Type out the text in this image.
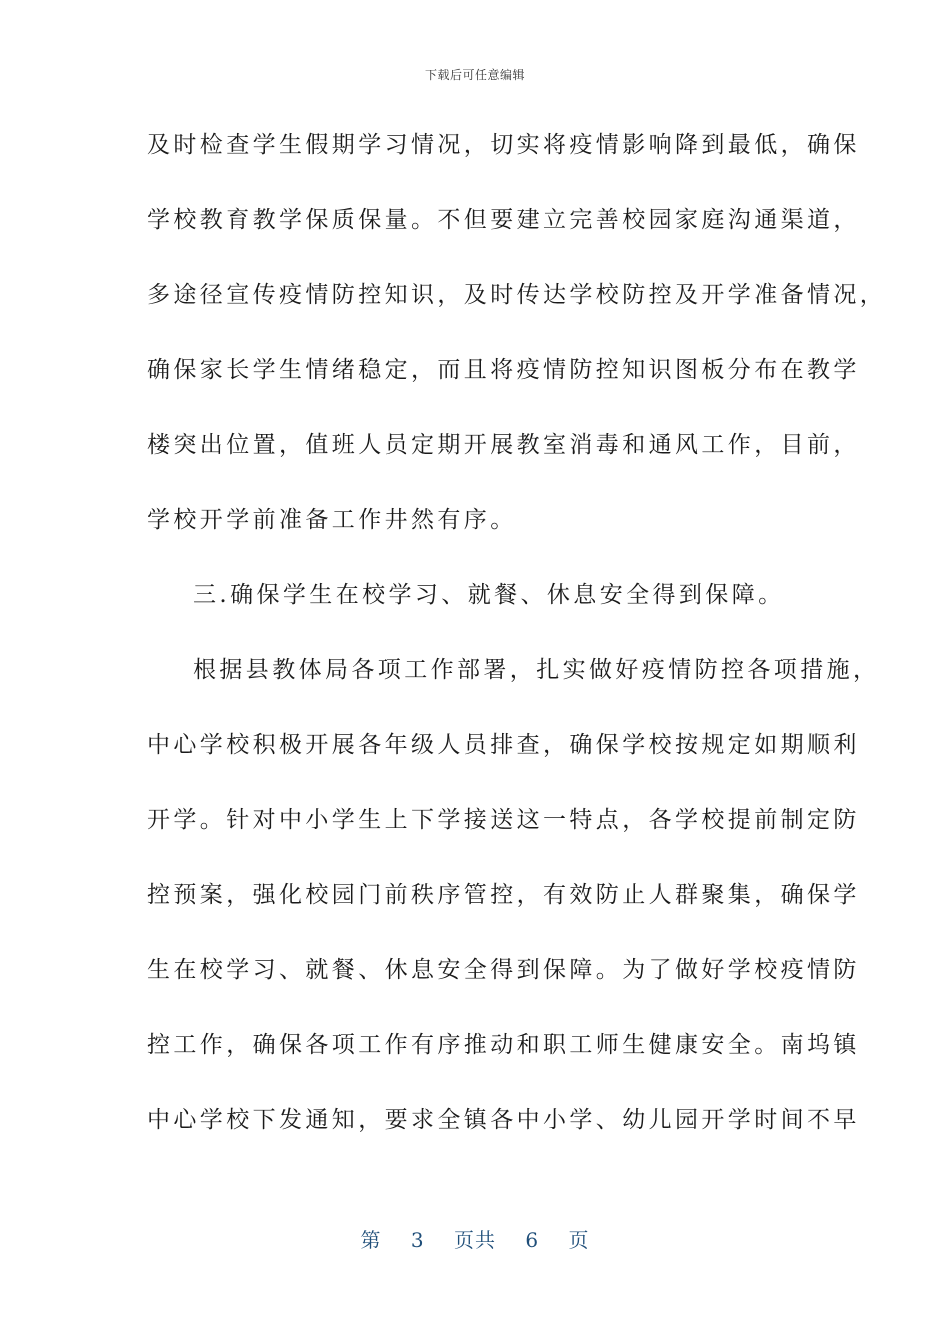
下载后可任意编辑
及时检查学生假期学习情况，切实将疫情影响降到最低，确保
学校教育教学保质保量。不但要建立完善校园家庭沟通渠道，
多途径宣传疫情防控知识，及时传达学校防控及开学准备情况，
确保家长学生情绪稳定，而且将疫情防控知识图板分布在教学
楼突出位置，值班人员定期开展教室消毒和通风工作，目前，
学校开学前准备工作井然有序。
三.确保学生在校学习、就餐、休息安全得到保障。
根据县教体局各项工作部署，扎实做好疫情防控各项措施，
中心学校积极开展各年级人员排查，确保学校按规定如期顺利
开学。针对中小学生上下学接送这一特点，各学校提前制定防
控预案，强化校园门前秩序管控，有效防止人群聚集，确保学
生在校学习、就餐、休息安全得到保障。为了做好学校疫情防
控工作，确保各项工作有序推动和职工师生健康安全。南坞镇
中心学校下发通知，要求全镇各中小学、幼儿园开学时间不早
第 3 页共 6 页
